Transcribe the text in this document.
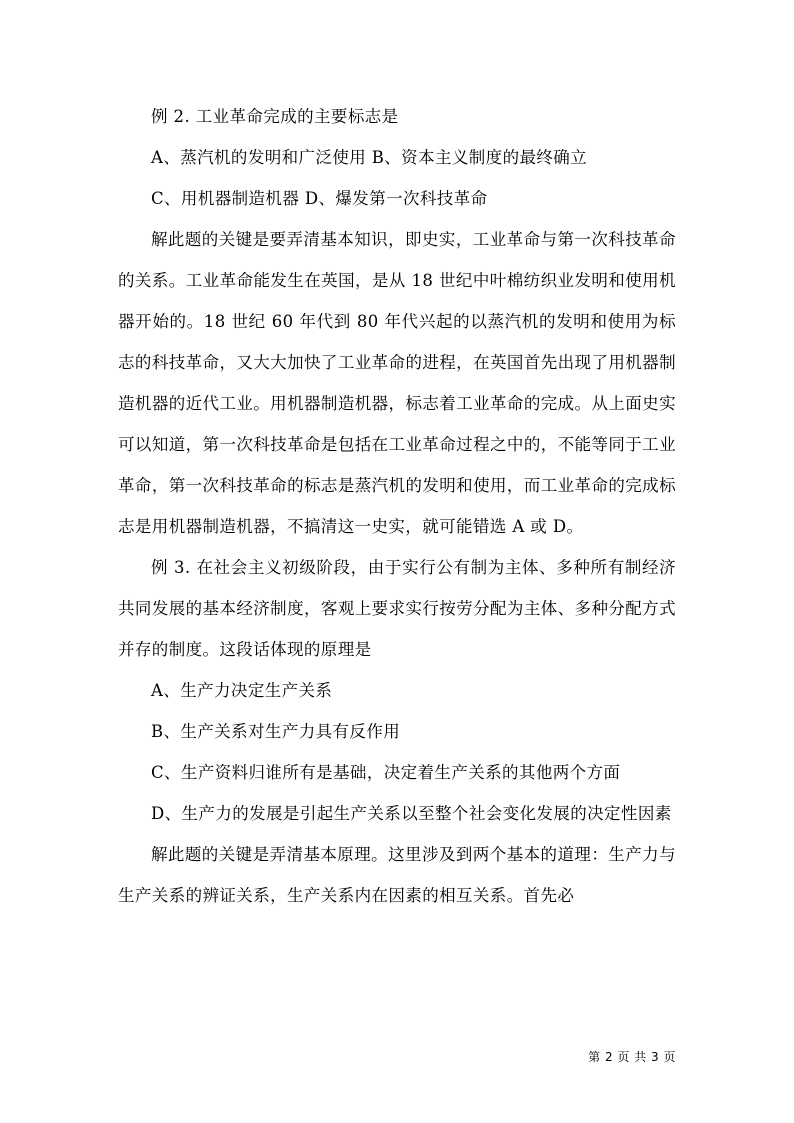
例 2. 工业革命完成的主要标志是

A、蒸汽机的发明和广泛使用 B、资本主义制度的最终确立

C、用机器制造机器 D、爆发第一次科技革命

解此题的关键是要弄清基本知识，即史实，工业革命与第一次科技革命的关系。工业革命能发生在英国，是从 18 世纪中叶棉纺织业发明和使用机器开始的。18 世纪 60 年代到 80 年代兴起的以蒸汽机的发明和使用为标志的科技革命，又大大加快了工业革命的进程，在英国首先出现了用机器制造机器的近代工业。用机器制造机器，标志着工业革命的完成。从上面史实可以知道，第一次科技革命是包括在工业革命过程之中的，不能等同于工业革命，第一次科技革命的标志是蒸汽机的发明和使用，而工业革命的完成标志是用机器制造机器，不搞清这一史实，就可能错选 A 或 D。

例 3. 在社会主义初级阶段，由于实行公有制为主体、多种所有制经济共同发展的基本经济制度，客观上要求实行按劳分配为主体、多种分配方式并存的制度。这段话体现的原理是

A、生产力决定生产关系

B、生产关系对生产力具有反作用

C、生产资料归谁所有是基础，决定着生产关系的其他两个方面

D、生产力的发展是引起生产关系以至整个社会变化发展的决定性因素

解此题的关键是弄清基本原理。这里涉及到两个基本的道理：生产力与生产关系的辨证关系，生产关系内在因素的相互关系。首先必

第 2 页 共 3 页
